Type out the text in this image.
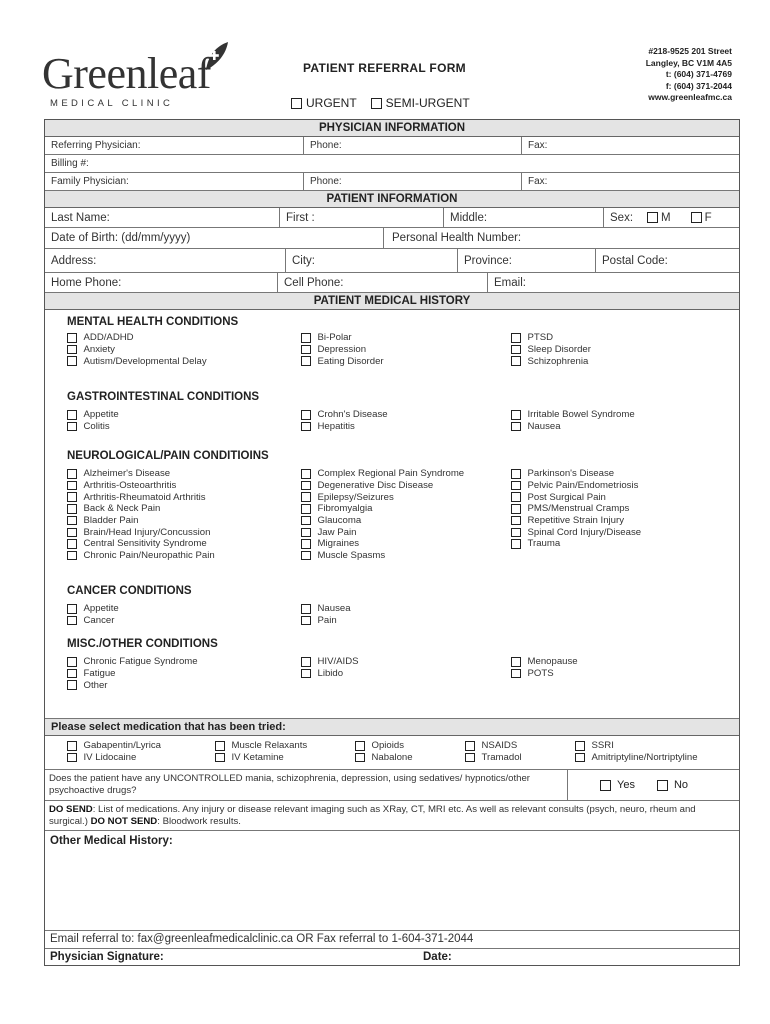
Greenleaf
MEDICAL CLINIC
PATIENT REFERRAL FORM
URGENT SEMI-URGENT
#218-9525 201 Street
Langley, BC V1M 4A5
t: (604) 371-4769
f: (604) 371-2044
www.greenleafmc.ca
PHYSICIAN INFORMATION
Referring Physician:	Phone:	Fax:
Billing #:
Family Physician:	Phone:	Fax:
PATIENT INFORMATION
Last Name:	First :	Middle:	Sex: M	F
Date of Birth: (dd/mm/yyyy)	Personal Health Number:
Address:	City:	Province:	Postal Code:
Home Phone:	Cell Phone:	Email:
PATIENT MEDICAL HISTORY
MENTAL HEALTH CONDITIONS
ADD/ADHD
Anxiety
Autism/Developmental Delay
Bi-Polar
Depression
Eating Disorder
PTSD
Sleep Disorder
Schizophrenia
GASTROINTESTINAL CONDITIONS
Appetite
Colitis
Crohn's Disease
Hepatitis
Irritable Bowel Syndrome
Nausea
NEUROLOGICAL/PAIN CONDITIOINS
Alzheimer's Disease
Arthritis-Osteoarthritis
Arthritis-Rheumatoid Arthritis
Back & Neck Pain
Bladder Pain
Brain/Head Injury/Concussion
Central Sensitivity Syndrome
Chronic Pain/Neuropathic Pain
Complex Regional Pain Syndrome
Degenerative Disc Disease
Epilepsy/Seizures
Fibromyalgia
Glaucoma
Jaw Pain
Migraines
Muscle Spasms
Parkinson's Disease
Pelvic Pain/Endometriosis
Post Surgical Pain
PMS/Menstrual Cramps
Repetitive Strain Injury
Spinal Cord Injury/Disease
Trauma
CANCER CONDITIONS
Appetite
Cancer
Nausea
Pain
MISC./OTHER CONDITIONS
Chronic Fatigue Syndrome
Fatigue
Other
HIV/AIDS
Libido
Menopause
POTS
Please select medication that has been tried:
Gabapentin/Lyrica
IV Lidocaine
Muscle Relaxants
IV Ketamine
Opioids
Nabalone
NSAIDS
Tramadol
SSRI
Amitriptyline/Nortriptyline
Does the patient have any UNCONTROLLED mania, schizophrenia, depression, using sedatives/ hypnotics/other psychoactive drugs?	Yes	No
DO SEND: List of medications. Any injury or disease relevant imaging such as XRay, CT, MRI etc. As well as relevant consults (psych, neuro, rheum and surgical.) DO NOT SEND: Bloodwork results.
Other Medical History:
Email referral to: fax@greenleafmedicalclinic.ca OR Fax referral to 1-604-371-2044
Physician Signature:	Date:
